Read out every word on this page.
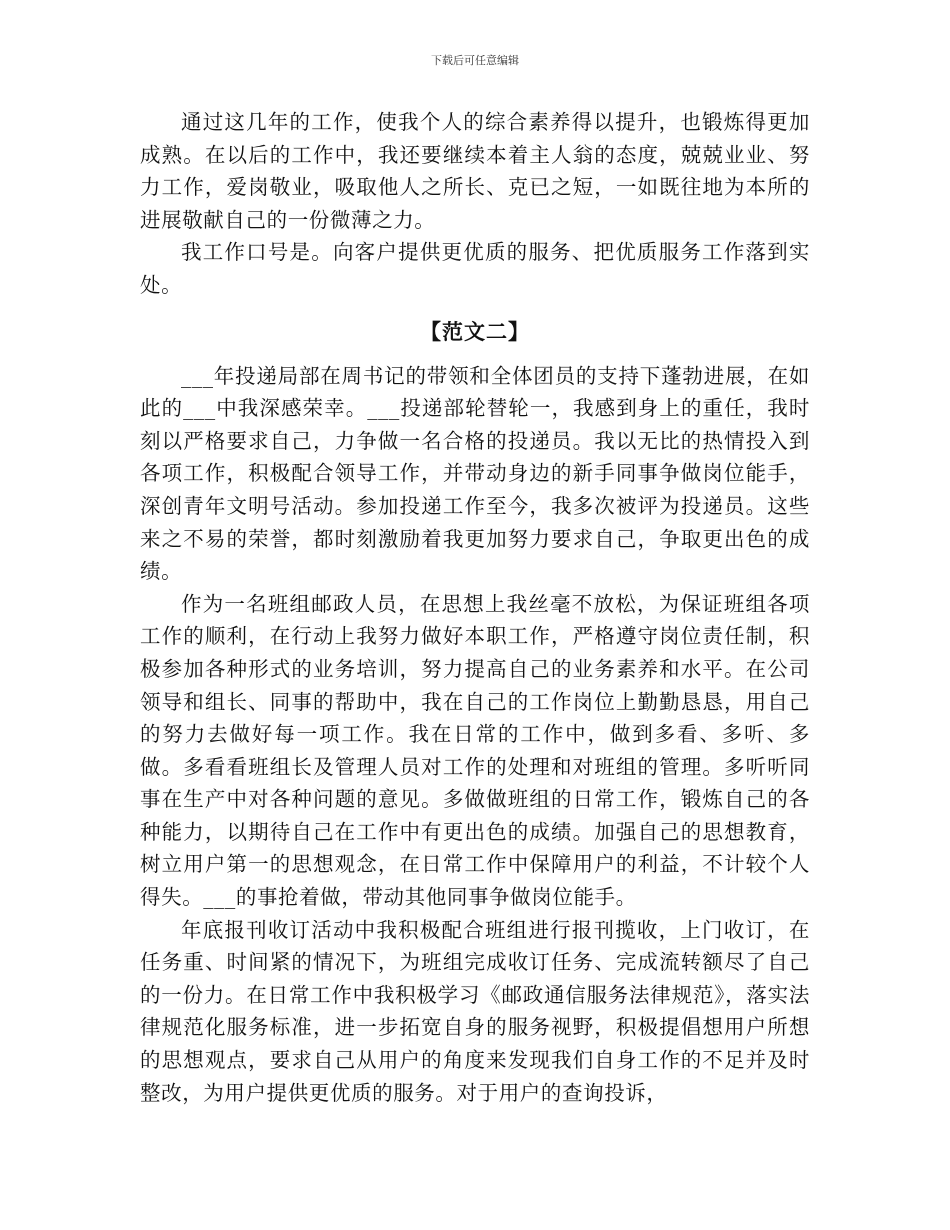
下载后可任意编辑

通过这几年的工作，使我个人的综合素养得以提升，也锻炼得更加成熟。在以后的工作中，我还要继续本着主人翁的态度，兢兢业业、努力工作，爱岗敬业，吸取他人之所长、克已之短，一如既往地为本所的进展敬献自己的一份微薄之力。

我工作口号是。向客户提供更优质的服务、把优质服务工作落到实处。

【范文二】

___年投递局部在周书记的带领和全体团员的支持下蓬勃进展，在如此的___中我深感荣幸。___投递部轮替轮一，我感到身上的重任，我时刻以严格要求自己，力争做一名合格的投递员。我以无比的热情投入到各项工作，积极配合领导工作，并带动身边的新手同事争做岗位能手，深创青年文明号活动。参加投递工作至今，我多次被评为投递员。这些来之不易的荣誉，都时刻激励着我更加努力要求自己，争取更出色的成绩。

作为一名班组邮政人员，在思想上我丝毫不放松，为保证班组各项工作的顺利，在行动上我努力做好本职工作，严格遵守岗位责任制，积极参加各种形式的业务培训，努力提高自己的业务素养和水平。在公司领导和组长、同事的帮助中，我在自己的工作岗位上勤勤恳恳，用自己的努力去做好每一项工作。我在日常的工作中，做到多看、多听、多做。多看看班组长及管理人员对工作的处理和对班组的管理。多听听同事在生产中对各种问题的意见。多做做班组的日常工作，锻炼自己的各种能力，以期待自己在工作中有更出色的成绩。加强自己的思想教育，树立用户第一的思想观念，在日常工作中保障用户的利益，不计较个人得失。___的事抢着做，带动其他同事争做岗位能手。

年底报刊收订活动中我积极配合班组进行报刊揽收，上门收订，在任务重、时间紧的情况下，为班组完成收订任务、完成流转额尽了自己的一份力。在日常工作中我积极学习《邮政通信服务法律规范》，落实法律规范化服务标准，进一步拓宽自身的服务视野，积极提倡想用户所想的思想观点，要求自己从用户的角度来发现我们自身工作的不足并及时整改，为用户提供更优质的服务。对于用户的查询投诉，
